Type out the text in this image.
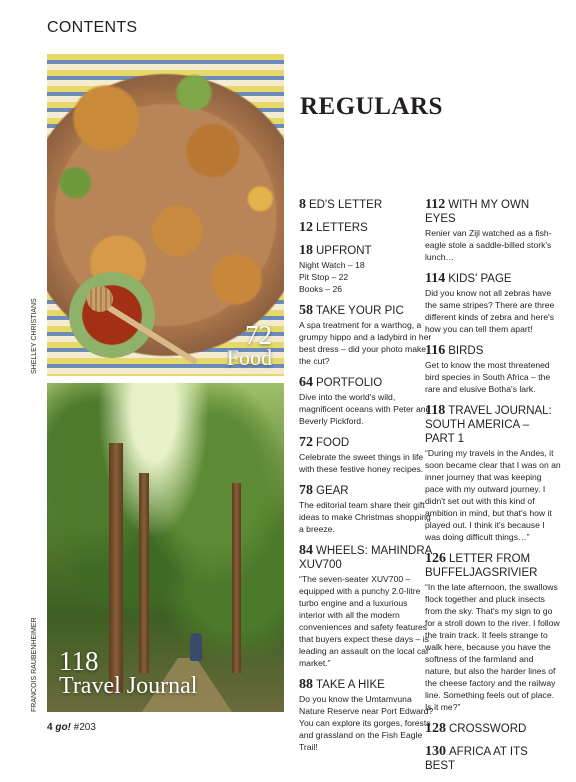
CONTENTS
72
Food
SHELLEY CHRISTIANS
118
Travel Journal
FRANCOIS RAUBENHEIMER
REGULARS
8 ED'S LETTER
12 LETTERS
18 UPFRONT
Night Watch – 18
Pit Stop – 22
Books – 26
58 TAKE YOUR PIC
A spa treatment for a warthog, a grumpy hippo and a ladybird in her best dress – did your photo make the cut?
64 PORTFOLIO
Dive into the world's wild, magnificent oceans with Peter and Beverly Pickford.
72 FOOD
Celebrate the sweet things in life with these festive honey recipes.
78 GEAR
The editorial team share their gift ideas to make Christmas shopping a breeze.
84 WHEELS: MAHINDRA XUV700
“The seven-seater XUV700 – equipped with a punchy 2.0-litre turbo engine and a luxurious interior with all the modern conveniences and safety features that buyers expect these days – is leading an assault on the local car market.”
88 TAKE A HIKE
Do you know the Umtamvuna Nature Reserve near Port Edward? You can explore its gorges, forests and grassland on the Fish Eagle Trail!
112 WITH MY OWN EYES
Renier van Zijl watched as a fish-eagle stole a saddle-billed stork's lunch…
114 KIDS' PAGE
Did you know not all zebras have the same stripes? There are three different kinds of zebra and here's how you can tell them apart!
116 BIRDS
Get to know the most threatened bird species in South Africa – the rare and elusive Botha's lark.
118 TRAVEL JOURNAL: SOUTH AMERICA – PART 1
“During my travels in the Andes, it soon became clear that I was on an inner journey that was keeping pace with my outward journey. I didn't set out with this kind of ambition in mind, but that's how it played out. I think it's because I was doing difficult things…”
126 LETTER FROM BUFFELJAGSRIVIER
“In the late afternoon, the swallows flock together and pluck insects from the sky. That's my sign to go for a stroll down to the river. I follow the train track. It feels strange to walk here, because you have the softness of the farmland and nature, but also the harder lines of the cheese factory and the railway line. Something feels out of place. Is it me?”
128 CROSSWORD
130 AFRICA AT ITS BEST
4 go! #203
